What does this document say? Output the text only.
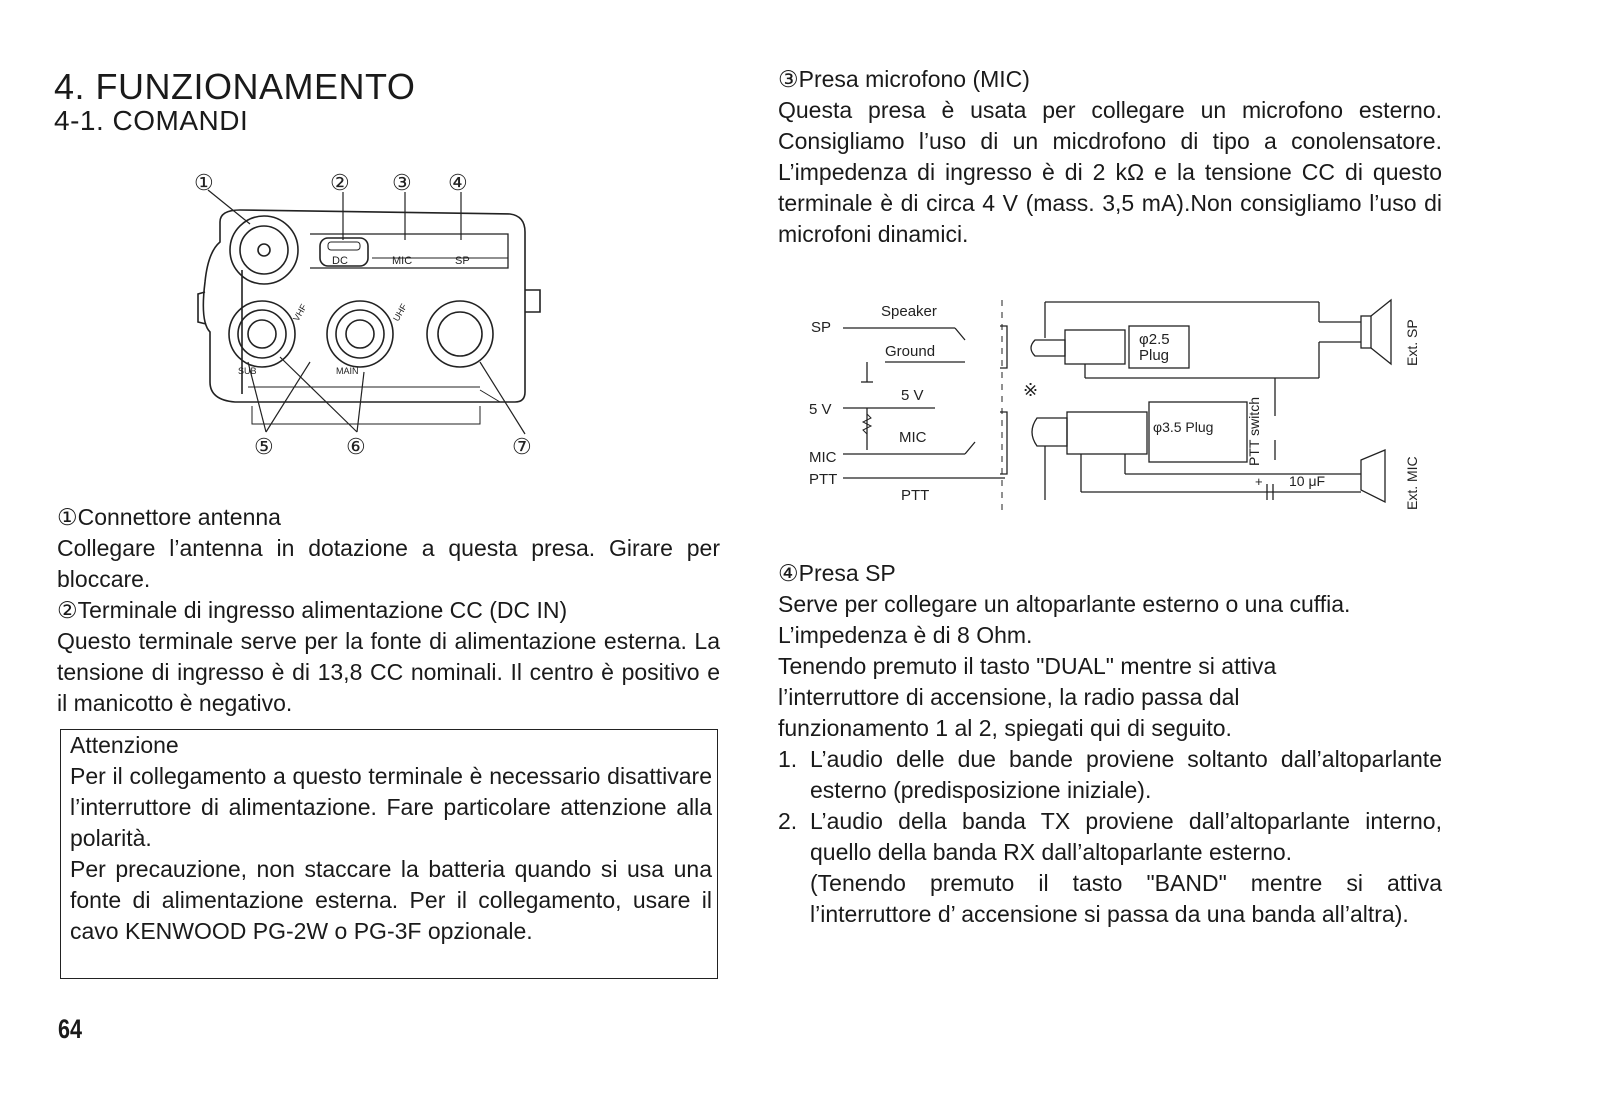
4. FUNZIONAMENTO
4-1. COMANDI
①	② ③ ④
⑤	⑥	⑦
DC	MIC	SP
SUB	MAIN
VHF	UHF

①Connettore antenna

Collegare l’antenna in dotazione a questa presa. Girare per bloccare.

②Terminale di ingresso alimentazione CC (DC IN)

Questo terminale serve per la fonte di alimentazione esterna. La tensione di ingresso è di 13,8 CC nominali. Il centro è positivo e il manicotto è negativo.

Attenzione

Per il collegamento a questo terminale è necessario disattivare l’interruttore di alimentazione. Fare particolare attenzione alla polarità.

Per precauzione, non staccare la batteria quando si usa una fonte di alimentazione esterna. Per il collegamento, usare il cavo KENWOOD PG-2W o PG-3F opzionale.

64

③Presa microfono (MIC)

Questa presa è usata per collegare un microfono esterno. Consigliamo l’uso di un micdrofono di tipo a conolensatore. L’impedenza di ingresso è di 2 kΩ e la tensione CC di questo terminale è di circa 4 V (mass. 3,5 mA).Non consigliamo l’uso di microfoni dinamici.

SP
Speaker
Ground
5 V
5 V
MIC
MIC
PTT
PTT
φ2.5
Plug
φ3.5 Plug PTT switch
10 μF
+
Ext. SP
Ext. MIC
※

④Presa SP

Serve per collegare un altoparlante esterno o una cuffia. L’impedenza è di 8 Ohm.

Tenendo premuto il tasto "DUAL" mentre si attiva

l’interruttore di accensione, la radio passa dal

funzionamento 1 al 2, spiegati qui di seguito.

1. L’audio delle due bande proviene soltanto dall’altoparlante esterno (predisposizione iniziale).

2. L’audio della banda TX proviene dall’altoparlante interno, quello della banda RX dall’altoparlante esterno.

(Tenendo premuto il tasto "BAND" mentre si attiva l’interruttore d’ accensione si passa da una banda all’altra).
